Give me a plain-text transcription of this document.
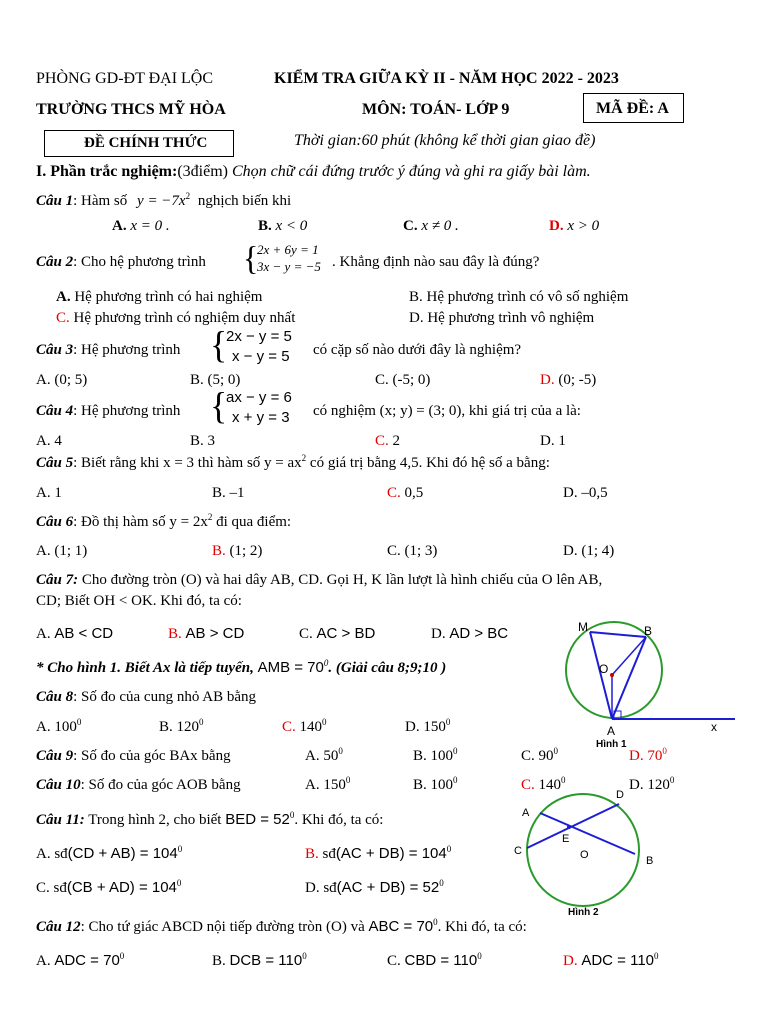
PHÒNG GD-ĐT ĐẠI LỘC	KIỂM TRA GIỮA KỲ II - NĂM HỌC 2022 - 2023
TRƯỜNG THCS MỸ HÒA	MÔN: TOÁN- LỚP 9	MÃ ĐỀ: A
ĐỀ CHÍNH THỨC	Thời gian:60 phút (không kể thời gian giao đề)
I. Phần trắc nghiệm:(3điểm) Chọn chữ cái đứng trước ý đúng và ghi ra giấy bài làm.
Câu 1: Hàm số $y = -7x^2$ nghịch biến khi
A. x = 0 .	B. x < 0	C. x ≠ 0 .	D. x > 0
Câu 2: Cho hệ phương trình {
2x + 6y = 1
3x − y = −5 . Khẳng định nào sau đây là đúng?
A. Hệ phương trình có hai nghiệm	B. Hệ phương trình có vô số nghiệm
C. Hệ phương trình có nghiệm duy nhất	D. Hệ phương trình vô nghiệm
Câu 3: Hệ phương trình {
2x − y = 5
x − y = 5 có cặp số nào dưới đây là nghiệm?
A. (0; 5)	B. (5; 0)	C. (-5; 0)	D. (0; -5)
Câu 4: Hệ phương trình {
ax − y = 6
x + y = 3 có nghiệm (x; y) = (3; 0), khi giá trị của a là:
A. 4	B. 3	C. 2	D. 1
Câu 5: Biết rằng khi x = 3 thì hàm số $y = ax^2$ có giá trị bằng 4,5. Khi đó hệ số a bằng:
A. 1	B. –1	C. 0,5	D. –0,5
Câu 6: Đồ thị hàm số $y = 2x^2$ đi qua điểm:
A. (1; 1)	B. (1; 2)	C. (1; 3)	D. (1; 4)
Câu 7: Cho đường tròn (O) và hai dây AB, CD. Gọi H, K lần lượt là hình chiếu của O lên AB,
CD; Biết OH < OK. Khi đó, ta có:
A. AB < CD	B. AB > CD	C. AC > BD	D. AD > BC
* Cho hình 1. Biết Ax là tiếp tuyến, AMB = $70^0$. (Giải câu 8;9;10 )
Câu 8: Số đo của cung nhỏ AB bằng
A. $100^0$	B. $120^0$	C. $140^0$	D. $150^0$
Câu 9: Số đo của góc BAx bằng	A. $50^0$	B. $100^0$	C. $90^0$	D. $70^0$
Câu 10: Số đo của góc AOB bằng	A. $150^0$	B. $100^0$	C. $140^0$	D. $120^0$
Câu 11: Trong hình 2, cho biết BED = $52^0$. Khi đó, ta có:
A. sđ(CD + $AB) = 104^0$	B. sđ(AC + $DB) = 104^0$
C. sđ(CB + $AD) = 104^0$	D. sđ(AC + $DB) = 52^0$
Câu 12: Cho tứ giác ABCD nội tiếp đường tròn (O) và ABC = $70^0$. Khi đó, ta có:
A. ADC = $70^0$	B. DCB = $110^0$	C. CBD = $110^0$	D. ADC = $110^0$
M	B
O
A	x
Hình 1
A
D
E
C	O	B
Hình 2
